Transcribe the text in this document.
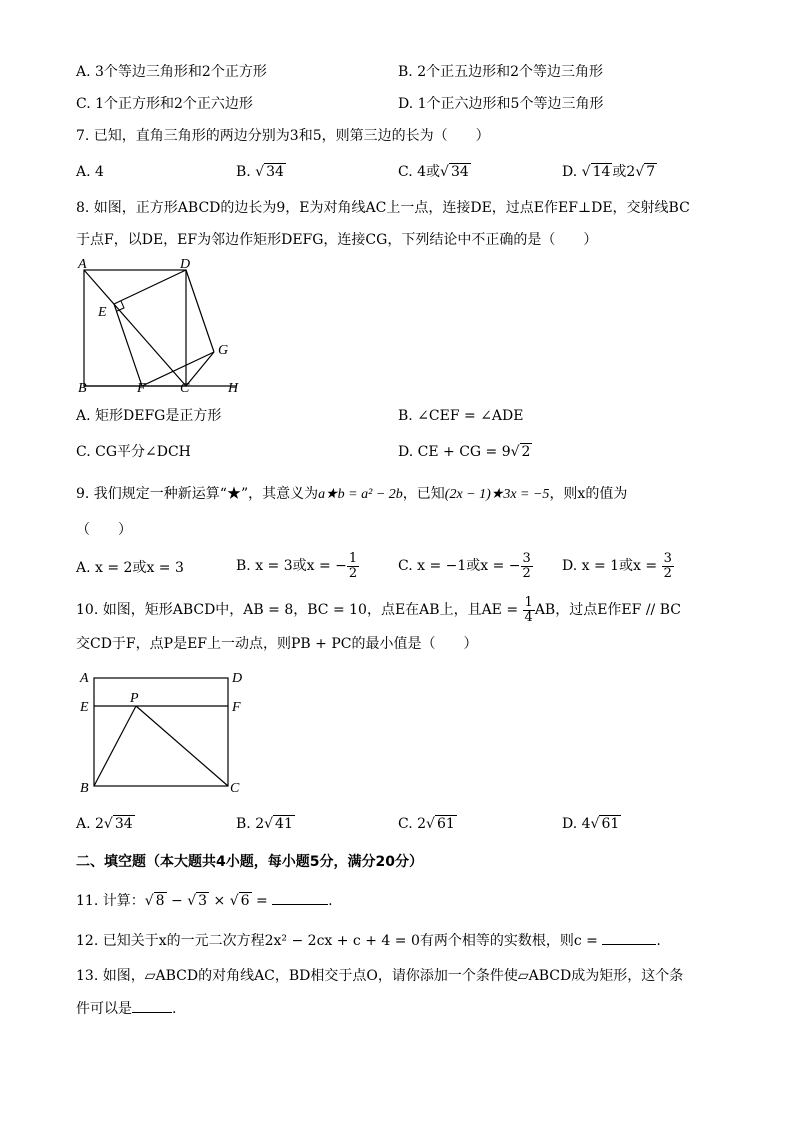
A. 3个等边三角形和2个正方形	B. 2个正五边形和2个等边三角形
C. 1个正方形和2个正六边形	D. 1个正六边形和5个等边三角形
7. 已知，直角三角形的两边分别为3和5，则第三边的长为（　　）
A. 4	B. √ 34	C. 4或√ 34	D. √ 14 或2√ 7
8. 如图，正方形ABCD的边长为9，E为对角线AC上一点，连接DE，过点E作EF⊥DE，交射线BC
于点F，以DE，EF为邻边作矩形DEFG，连接CG，下列结论中不正确的是（　　）
A	D
E
G
B	F C	H
A. 矩形DEFG是正方形	B. ∠CEF = ∠ADE
C. CG平分∠DCH	D. CE + CG = 9√ 2
9. 我们规定一种新运算“★”，其意义为a★b = a² − 2b，已知(2x − 1)★3x = −5，则x的值为
（　　）
A. x = 2或x = 3	B. x = 3或x = − $\frac{1}{2}$	C. x = −1或x = − $\frac{3}{2} D$. x = 1或$x = \frac{3}{2}$
10. 如图，矩形ABCD中，AB = 8，BC = 10，点E在AB上，且AE = $\frac{1}{4}$ AB，过点E作EF // BC
交CD于F，点P是EF上一动点，则PB + PC的最小值是（　　）
A	D
P
E	F
B	C
A. 2√ 34	B. 2√ 41	C. 2√ 61	D. 4√ 61
二、填空题（本大题共4小题，每小题5分，满分20分）
11. 计算：√ 8 − √ 3 × √ 6 =	.
12. 已知关于x的一元二次方程2x² − 2cx + c + 4 = 0有两个相等的实数根，则c =	.
13. 如图，▱ABCD的对角线AC，BD相交于点O，请你添加一个条件使▱ABCD成为矩形，这个条
件可以是	.
